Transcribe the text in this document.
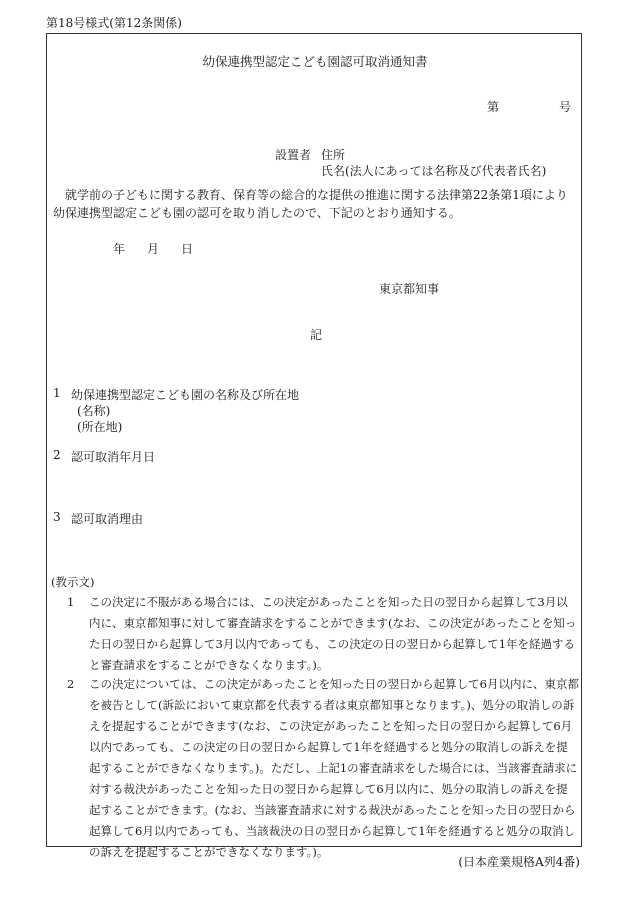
第18号様式(第12条関係)
幼保連携型認定こども園認可取消通知書
第	号
設置者 住所
氏名(法人にあっては名称及び代表者氏名)
就学前の子どもに関する教育、保育等の総合的な提供の推進に関する法律第22条第1項により幼保連携型認定こども園の認可を取り消したので、下記のとおり通知する。
年 月 日
東京都知事
記
1 幼保連携型認定こども園の名称及び所在地
(名称)
(所在地)
2 認可取消年月日
3 認可取消理由
(教示文)
1 この決定に不服がある場合には、この決定があったことを知った日の翌日から起算して3月以内に、東京都知事に対して審査請求をすることができます(なお、この決定があったことを知った日の翌日から起算して3月以内であっても、この決定の日の翌日から起算して1年を経過すると審査請求をすることができなくなります。)。
2 この決定については、この決定があったことを知った日の翌日から起算して6月以内に、東京都を被告として(訴訟において東京都を代表する者は東京都知事となります。)、処分の取消しの訴えを提起することができます(なお、この決定があったことを知った日の翌日から起算して6月以内であっても、この決定の日の翌日から起算して1年を経過すると処分の取消しの訴えを提起することができなくなります。)。ただし、上記1の審査請求をした場合には、当該審査請求に対する裁決があったことを知った日の翌日から起算して6月以内に、処分の取消しの訴えを提起することができます。(なお、当該審査請求に対する裁決があったことを知った日の翌日から起算して6月以内であっても、当該裁決の日の翌日から起算して1年を経過すると処分の取消しの訴えを提起することができなくなります。)。
(日本産業規格A列4番)
